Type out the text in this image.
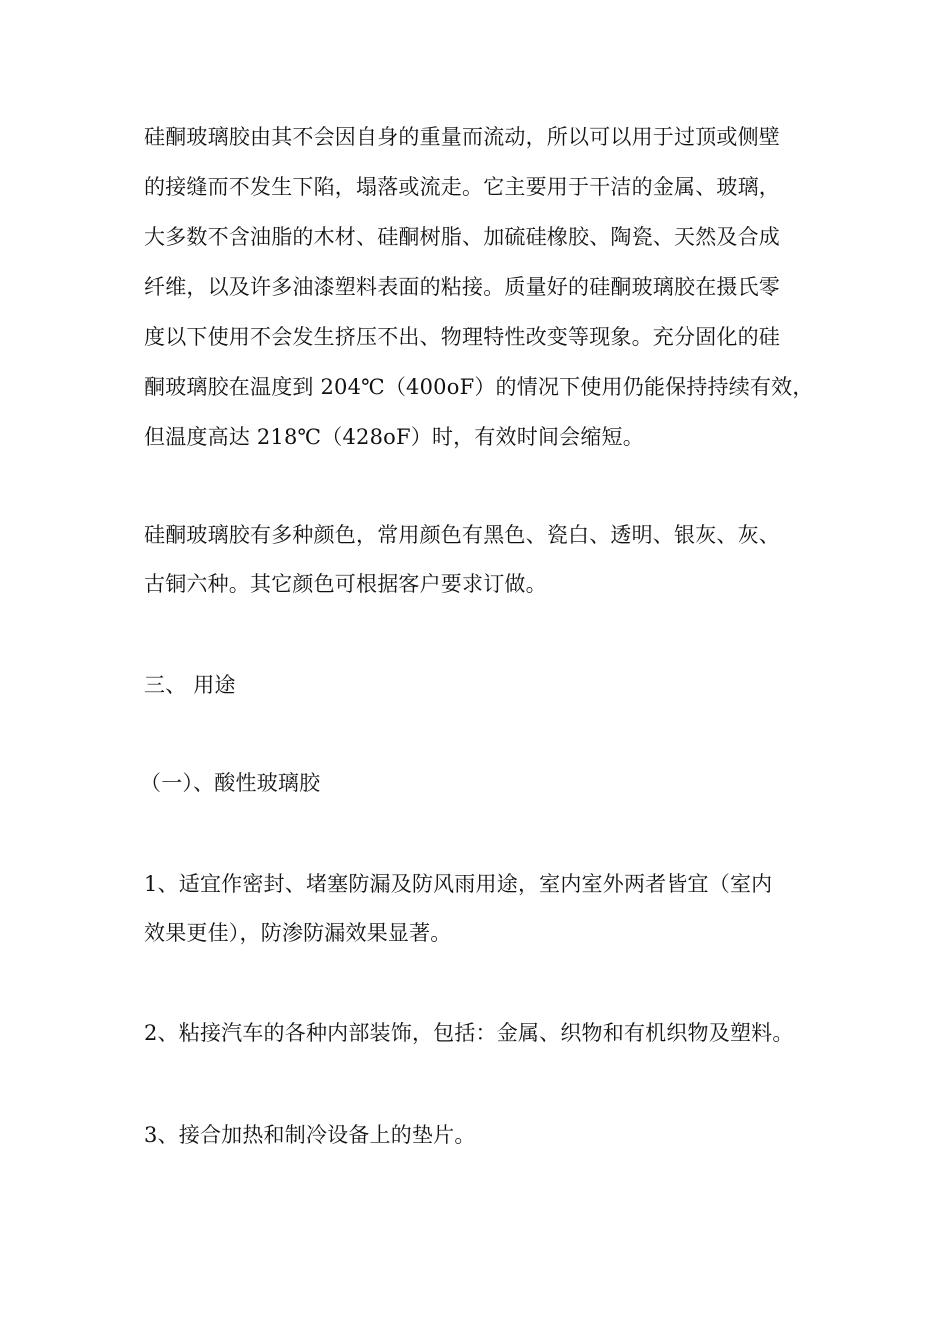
硅酮玻璃胶由其不会因自身的重量而流动，所以可以用于过顶或侧壁
的接缝而不发生下陷，塌落或流走。它主要用于干洁的金属、玻璃，
大多数不含油脂的木材、硅酮树脂、加硫硅橡胶、陶瓷、天然及合成
纤维，以及许多油漆塑料表面的粘接。质量好的硅酮玻璃胶在摄氏零
度以下使用不会发生挤压不出、物理特性改变等现象。充分固化的硅
酮玻璃胶在温度到 204℃（400oF）的情况下使用仍能保持持续有效，
但温度高达 218℃（428oF）时，有效时间会缩短。
硅酮玻璃胶有多种颜色，常用颜色有黑色、瓷白、透明、银灰、灰、
古铜六种。其它颜色可根据客户要求订做。
三、 用途
（一）、酸性玻璃胶
1、适宜作密封、堵塞防漏及防风雨用途，室内室外两者皆宜（室内
效果更佳），防渗防漏效果显著。
2、粘接汽车的各种内部装饰，包括：金属、织物和有机织物及塑料。
3、接合加热和制冷设备上的垫片。
